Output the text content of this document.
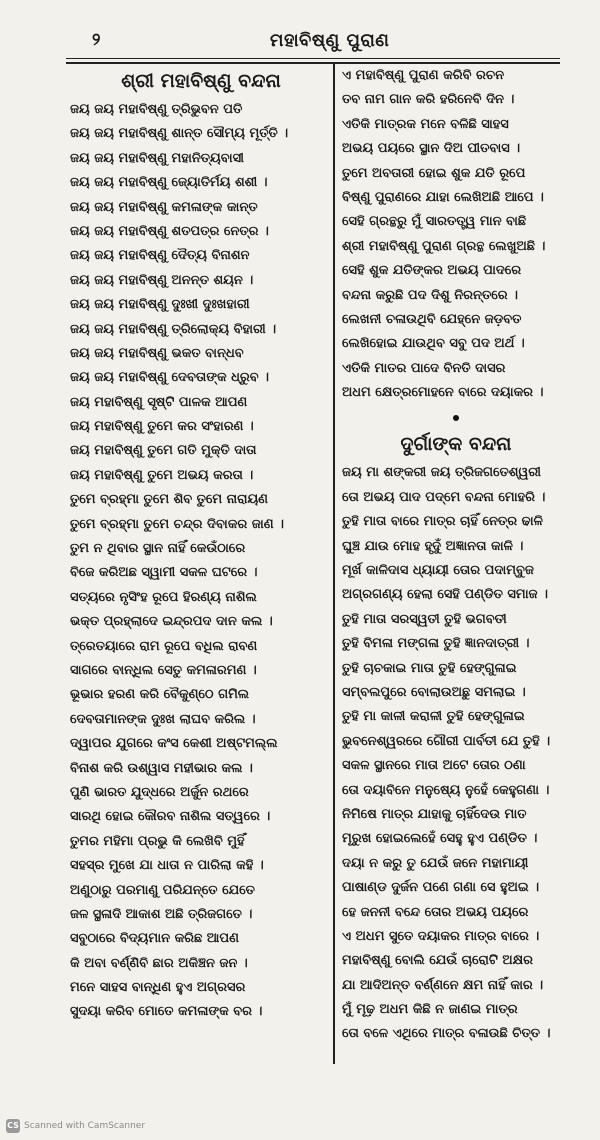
୨	ମହାବିଷ୍ଣୁ ପୁରାଣ
ଶ୍ରୀ ମହାବିଷ୍ଣୁ ବନ୍ଦନା
ଜୟ ଜୟ ମହାବିଷ୍ଣୁ ତ୍ରିଭୁବନ ପତି
ଜୟ ଜୟ ମହାବିଷ୍ଣୁ ଶାନ୍ତ ସୌମ୍ୟ ମୂର୍ତ୍ତି ।
ଜୟ ଜୟ ମହାବିଷ୍ଣୁ ମହାନିତ୍ୟବାସୀ
ଜୟ ଜୟ ମହାବିଷ୍ଣୁ ଜ୍ୟୋତିର୍ମୟ ଶଶୀ ।
ଜୟ ଜୟ ମହାବିଷ୍ଣୁ କମଳାଙ୍କ କାନ୍ତ
ଜୟ ଜୟ ମହାବିଷ୍ଣୁ ଶତପତ୍ର ନେତ୍ର ।
ଜୟ ଜୟ ମହାବିଷ୍ଣୁ ଦୈତ୍ୟ ବିନାଶନ
ଜୟ ଜୟ ମହାବିଷ୍ଣୁ ଅନନ୍ତ ଶୟନ ।
ଜୟ ଜୟ ମହାବିଷ୍ଣୁ ଦୁଃଖୀ ଦୁଃଖହାରୀ
ଜୟ ଜୟ ମହାବିଷ୍ଣୁ ତ୍ରିଲୋକ୍ୟ ବିହାରୀ ।
ଜୟ ଜୟ ମହାବିଷ୍ଣୁ ଭକତ ବାନ୍ଧବ
ଜୟ ଜୟ ମହାବିଷ୍ଣୁ ଦେବତାଙ୍କ ଧ୍ରୁବ ।
ଜୟ ମହାବିଷ୍ଣୁ ସୃଷ୍ଟି ପାଳକ ଆପଣ
ଜୟ ମହାବିଷ୍ଣୁ ତୁମେ କର ସଂହାରଣ ।
ଜୟ ମହାବିଷ୍ଣୁ ତୁମେ ଗତି ମୁକ୍ତି ଦାତା
ଜୟ ମହାବିଷ୍ଣୁ ତୁମେ ଅଭୟ କରତା ।
ତୁମେ ବ୍ରହ୍ମା ତୁମେ ଶିବ ତୁମେ ନାରାୟଣ
ତୁମେ ବ୍ରହ୍ମା ତୁମେ ଚନ୍ଦ୍ର ଦିବାକର ଜାଣ ।
ତୁମ ନ ଥିବାର ସ୍ଥାନ ନାହିଁ କେଉଁଠାରେ
ବିଜେ କରିଅଛ ସ୍ୱାମୀ ସକଳ ଘଟରେ ।
ସତ୍ୟରେ ନୃସିଂହ ରୂପେ ହିରଣ୍ୟ ନାଶିଲ
ଭକ୍ତ ପ୍ରହ୍ଲାଦେ ଇନ୍ଦ୍ରପଦ ଦାନ କଲ ।
ତ୍ରେତୟାରେ ରାମ ରୂପେ ବଧିଲ ରାବଣ
ସାଗରେ ବାନ୍ଧିଲ ସେତୁ କମଳାରମଣ ।
ଭୂଭାର ହରଣ କରି ବୈକୁଣ୍ଠେ ଗମିଲ
ଦେବତାମାନଙ୍କ ଦୁଃଖ ଲାଘବ କରିଲ ।
ଦ୍ୱାପର ଯୁଗରେ କଂସ କେଶୀ ଅଷ୍ଟମଲ୍ଲ
ବିନାଶ କରି ଉଶ୍ୱାସ ମହୀଭାର କଲ ।
ପୁଣି ଭାରତ ଯୁଦ୍ଧରେ ଅର୍ଜୁନ ରଥରେ
ସାରଥି ହୋଇ କୌରବ ନାଶିଲ ସତ୍ୱରେ ।
ତୁମର ମହିମା ପ୍ରଭୁ କି ଲେଖିବି ମୁହିଁ
ସହସ୍ର ମୁଖେ ଯା ଧାତା ନ ପାରିଲା କହି ।
ଅଣୁଠାରୁ ପରମାଣୁ ପରିଯନ୍ତେ ଯେତେ
ଜଳ ସ୍ଥଳାଦି ଆକାଶ ଅଛି ତ୍ରିଜଗତେ ।
ସବୁଠାରେ ବିଦ୍ୟମାନ କରିଛ ଆପଣ
କି ଅବା ବର୍ଣ୍ଣିବି ଛାର ଅକିଞ୍ଚନ ଜନ ।
ମନେ ସାହସ ବାନ୍ଧିଣ ହୁଏ ଅଗ୍ରସର
ସୁଦୟା କରିବ ମୋତେ କମଳାଙ୍କ ବର ।
ଏ ମହାବିଷ୍ଣୁ ପୁରାଣ କରିବି ରଚନ
ତବ ନାମ ଗାନ କରି ହରିନେବି ଦିନ ।
ଏତିକି ମାତ୍ରକ ମନେ ବଳିଛି ସାହସ
ଅଭୟ ପୟରେ ସ୍ଥାନ ଦିଅ ପୀତବାସ ।
ତୁମେ ଅବତାରୀ ହୋଇ ଶୁକ ଯତି ରୂପେ
ବିଷ୍ଣୁ ପୁରାଣରେ ଯାହା ଲେଖିଅଛି ଆପେ ।
ସେହି ଗ୍ରନ୍ଥରୁ ମୁଁ ସାରତତ୍ତ୍ୱ ମାନ ବାଛି
ଶ୍ରୀ ମହାବିଷ୍ଣୁ ପୁରାଣ ଗ୍ରନ୍ଥ ଲେଖୁଅଛି ।
ସେହି ଶୁକ ଯତିଙ୍କର ଅଭୟ ପାଦରେ
ବନ୍ଦନା କରୁଛି ପଦ ଦିଶୁ ନିରନ୍ତରେ ।
ଲେଖନୀ ଚଳାଉଥିବି ଯେହ୍ନେ ଜଡ଼ବତ
ଲେଖିହୋଇ ଯାଉଥିବ ସବୁ ପଦ ଅର୍ଥ ।
ଏତିକି ମାତର ପାଦେ ବିନତି ଦାସର
ଅଧମ କ୍ଷେତ୍ରମୋହନେ ବାରେ ଦୟାକର ।
ଦୁର୍ଗାଙ୍କ ବନ୍ଦନା
ଜୟ ମା ଶଙ୍କରୀ ଜୟ ତ୍ରିଜଗତେଶ୍ୱରୀ
ତୋ ଅଭୟ ପାଦ ପଦ୍ମେ ବନ୍ଦନା ମୋହରି ।
ତୁହି ମାତା ବାରେ ମାତ୍ର ଚାହିଁ ନେତ୍ର ଢାଳି
ଘୁଞ୍ଚ ଯାଉ ମୋହ ହୃଦୁଁ ଅଜ୍ଞାନତା କାଳି ।
ମୂର୍ଖ କାଳିଦାସ ଧ୍ୟାୟୀ ତୋର ପଦାମ୍ବୁଜ
ଅଗ୍ରଗଣ୍ୟ ହେଲା ସେହି ପଣ୍ଡିତ ସମାଜ ।
ତୁହି ମାତା ସରସ୍ୱତୀ ତୁହି ଭଗବତୀ
ତୁହି ବିମଳା ମଙ୍ଗଳା ତୁହି ଜ୍ଞାନଦାତ୍ରୀ ।
ତୁହି ଚାଚକାଇ ମାତା ତୁହି ହେଙ୍ଗୁଳାଇ
ସମ୍ବଲପୁରେ ବୋଲାଉଅଛୁ ସମଲାଇ ।
ତୁହି ମା କାଳୀ କରାଳୀ ତୁହି ହେଙ୍ଗୁଳାଇ
ଭୁବନେଶ୍ୱରରେ ଗୌରୀ ପାର୍ବତୀ ଯେ ତୁହି ।
ସକଳ ସ୍ଥାନରେ ମାତା ଅଟେ ତୋର ଠଣା
ତୋ ଦୟାବିନେ ମନୁଷ୍ୟେ ନୁହେଁ କେହୁଗଣା ।
ନିମିଷେ ମାତ୍ର ଯାହାକୁ ଚାହିଁଦେଉ ମାତ
ମୂରୁଖ ହୋଇଲେହେଁ ସେହୁ ହୁଏ ପଣ୍ଡିତ ।
ଦୟା ନ କରୁ ତୁ ଯେଉଁ ଜନେ ମହାମାୟୀ
ପାଷାଣ୍ଡ ଦୁର୍ଜନ ପଣେ ଗଣା ସେ ହୁଅଇ ।
ହେ ଜନନୀ ବନ୍ଦେ ତୋର ଅଭୟ ପୟରେ
ଏ ଅଧମ ସୁତେ ଦୟାକର ମାତ୍ର ବାରେ ।
ମହାବିଷ୍ଣୁ ବୋଲି ଯେଉଁ ଚାରୋଟି ଅକ୍ଷର
ଯା ଆଦିଅନ୍ତ ବର୍ଣ୍ଣନେ କ୍ଷମ ନାହିଁ କାର ।
ମୁଁ ମୂଢ଼ ଅଧମ କିଛି ନ ଜାଣଇ ମାତ୍ର
ତୋ ବଳେ ଏଥିରେ ମାତ୍ର ବଳାଉଛି ଚିତ୍ତ ।
CS Scanned with CamScanner
